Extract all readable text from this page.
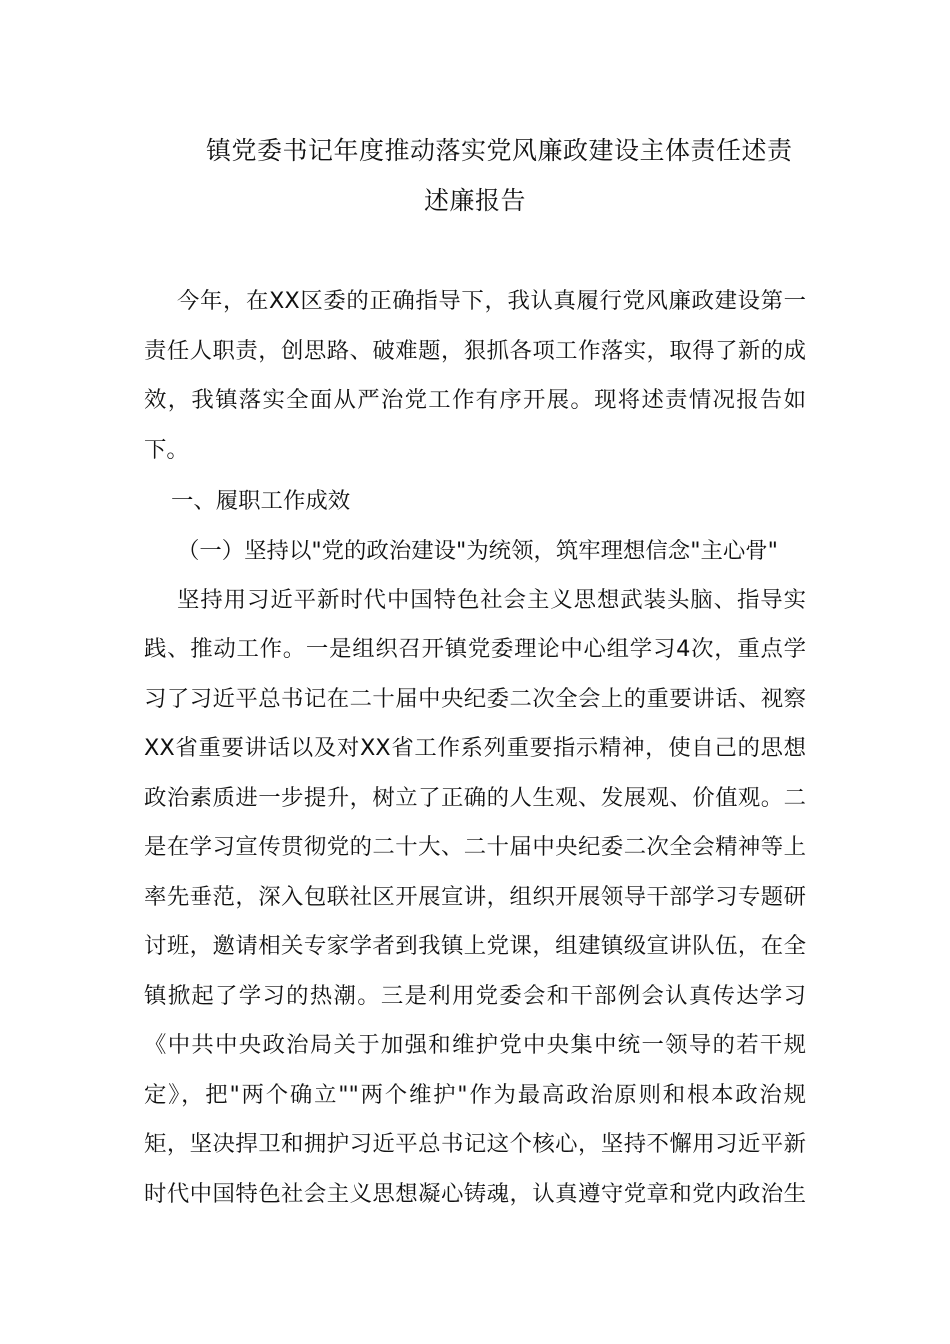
镇党委书记年度推动落实党风廉政建设主体责任述责
述廉报告
今年，在XX区委的正确指导下，我认真履行党风廉政建设第一
责任人职责，创思路、破难题，狠抓各项工作落实，取得了新的成
效，我镇落实全面从严治党工作有序开展。现将述责情况报告如
下。
一、履职工作成效
（一）坚持以"党的政治建设"为统领，筑牢理想信念"主心骨"
坚持用习近平新时代中国特色社会主义思想武装头脑、指导实
践、推动工作。一是组织召开镇党委理论中心组学习4次，重点学
习了习近平总书记在二十届中央纪委二次全会上的重要讲话、视察
XX省重要讲话以及对XX省工作系列重要指示精神，使自己的思想
政治素质进一步提升，树立了正确的人生观、发展观、价值观。二
是在学习宣传贯彻党的二十大、二十届中央纪委二次全会精神等上
率先垂范，深入包联社区开展宣讲，组织开展领导干部学习专题研
讨班，邀请相关专家学者到我镇上党课，组建镇级宣讲队伍，在全
镇掀起了学习的热潮。三是利用党委会和干部例会认真传达学习
《中共中央政治局关于加强和维护党中央集中统一领导的若干规
定》，把"两个确立""两个维护"作为最高政治原则和根本政治规
矩，坚决捍卫和拥护习近平总书记这个核心，坚持不懈用习近平新
时代中国特色社会主义思想凝心铸魂，认真遵守党章和党内政治生
